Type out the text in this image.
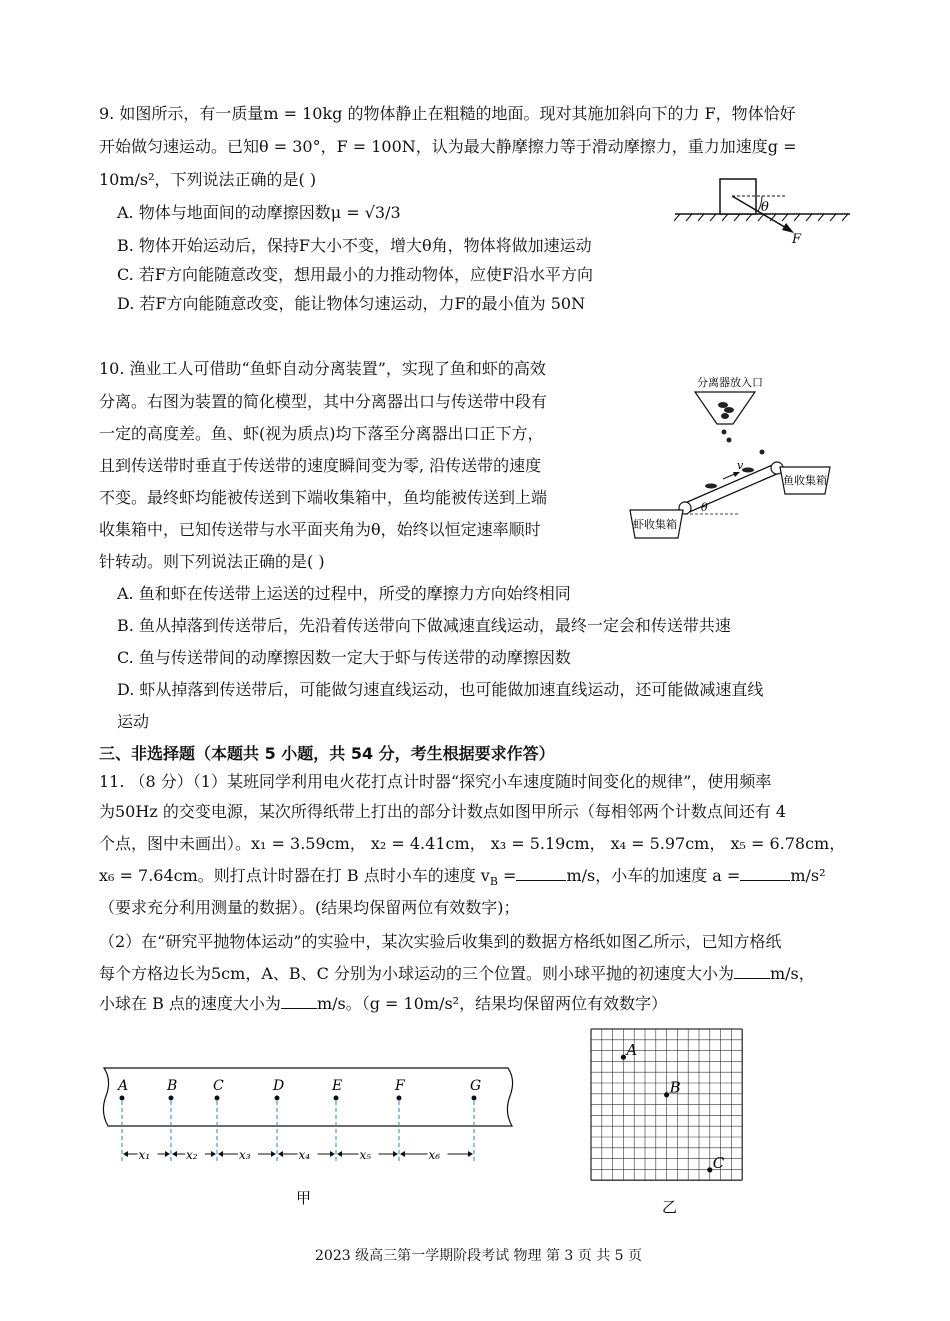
9. 如图所示，有一质量m = 10kg 的物体静止在粗糙的地面。现对其施加斜向下的力 F，物体恰好
开始做匀速运动。已知θ = 30°，F = 100N，认为最大静摩擦力等于滑动摩擦力，重力加速度g =
10m/s²，下列说法正确的是( )
A. 物体与地面间的动摩擦因数μ = √3/3
B. 物体开始运动后，保持F大小不变，增大θ角，物体将做加速运动
C. 若F方向能随意改变，想用最小的力推动物体，应使F沿水平方向
D. 若F方向能随意改变，能让物体匀速运动，力F的最小值为 50N
θ
F
10. 渔业工人可借助“鱼虾自动分离装置”，实现了鱼和虾的高效
分离。右图为装置的简化模型，其中分离器出口与传送带中段有
一定的高度差。鱼、虾(视为质点)均下落至分离器出口正下方，
且到传送带时垂直于传送带的速度瞬间变为零, 沿传送带的速度
不变。最终虾均能被传送到下端收集箱中，鱼均能被传送到上端
收集箱中，已知传送带与水平面夹角为θ，始终以恒定速率顺时
针转动。则下列说法正确的是( )
A. 鱼和虾在传送带上运送的过程中，所受的摩擦力方向始终相同
B. 鱼从掉落到传送带后，先沿着传送带向下做减速直线运动，最终一定会和传送带共速
C. 鱼与传送带间的动摩擦因数一定大于虾与传送带的动摩擦因数
D. 虾从掉落到传送带后，可能做匀速直线运动，也可能做加速直线运动，还可能做减速直线
运动
分离器放入口
v
θ
鱼收集箱
虾收集箱
三、非选择题（本题共 5 小题，共 54 分，考生根据要求作答）
11. （8 分）（1）某班同学利用电火花打点计时器“探究小车速度随时间变化的规律”，使用频率
为50Hz 的交变电源，某次所得纸带上打出的部分计数点如图甲所示（每相邻两个计数点间还有 4
个点，图中未画出）。x₁ = 3.59cm， x₂ = 4.41cm， x₃ = 5.19cm， x₄ = 5.97cm， x₅ = 6.78cm，
x₆ = 7.64cm。则打点计时器在打 B 点时小车的速度 $v_B$ =	m/s，小车的加速度 a =	m/s²
（要求充分利用测量的数据）。(结果均保留两位有效数字)；
（2）在“研究平抛物体运动”的实验中，某次实验后收集到的数据方格纸如图乙所示，已知方格纸
每个方格边长为5cm，A、B、C 分别为小球运动的三个位置。则小球平抛的初速度大小为 m/s，
小球在 B 点的速度大小为 m/s。（g = 10m/s²，结果均保留两位有效数字）
A	B	C	D	E	F	G
x₁	x₂	x₃	x₄	x₅	x₆
甲
A
B
C
乙
2023 级高三第一学期阶段考试 物理 第 3 页 共 5 页
